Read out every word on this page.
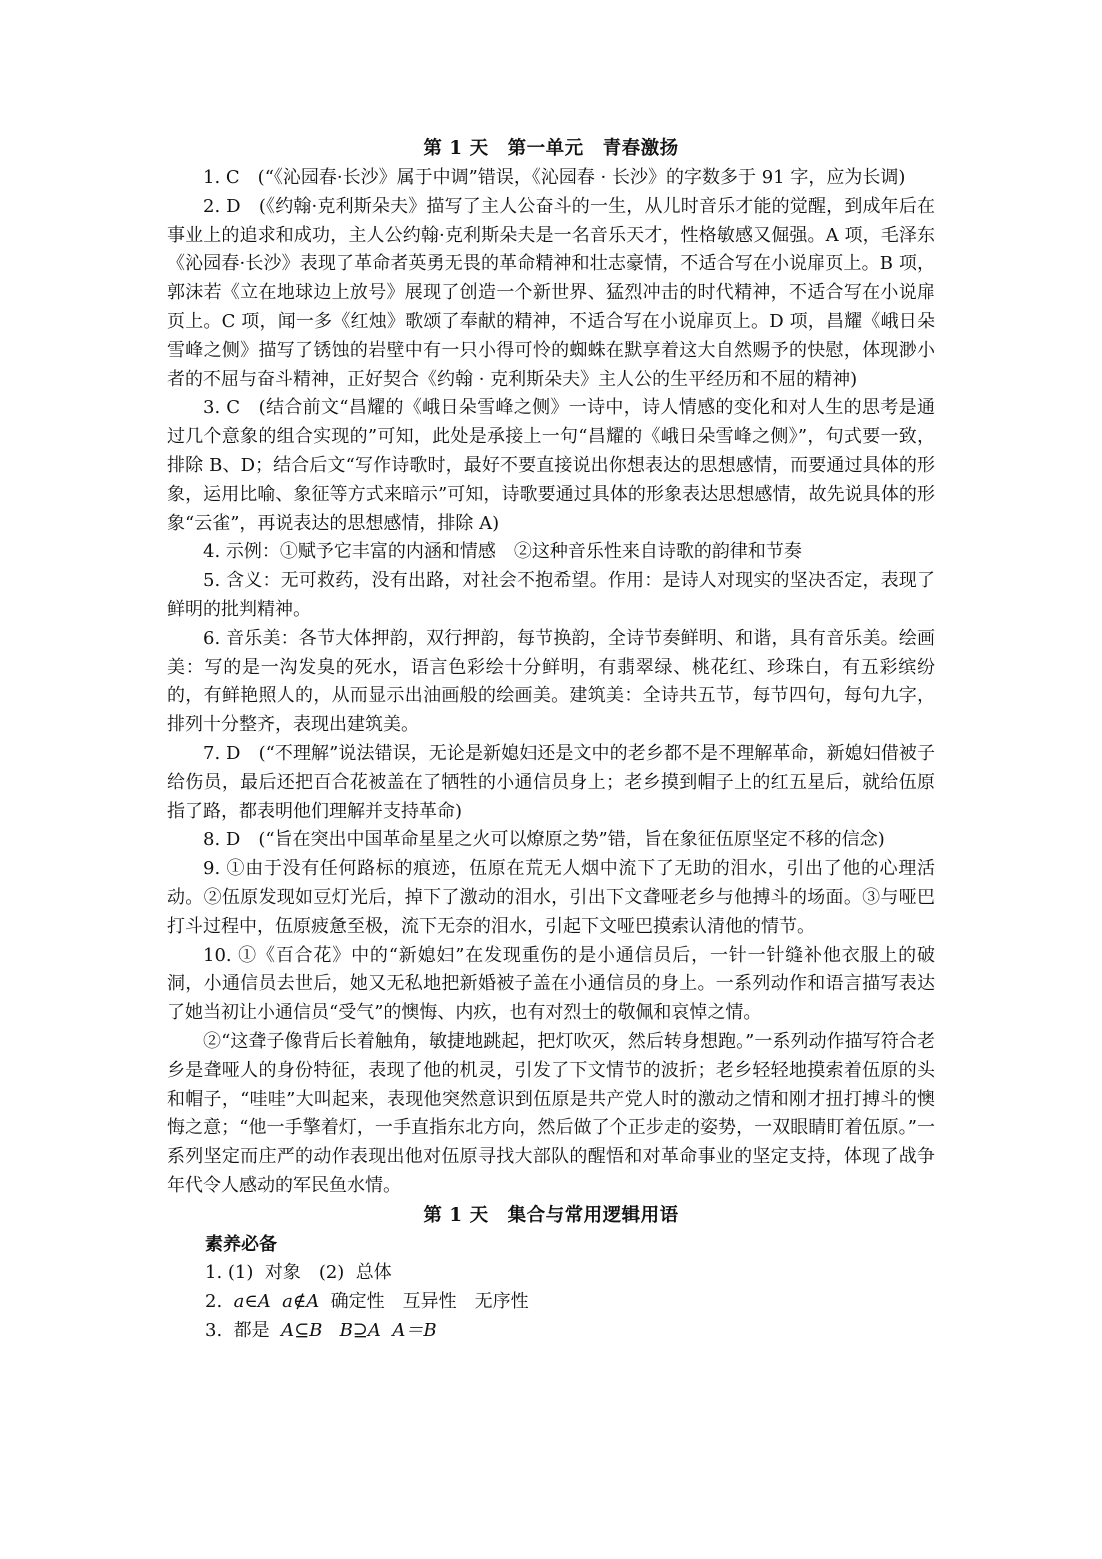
第 1 天　第一单元　青春激扬

1. C　(“《沁园春·长沙》属于中调”错误，《沁园春 · 长沙》的字数多于 91 字，应为长调)

2. D　(《约翰·克利斯朵夫》描写了主人公奋斗的一生，从儿时音乐才能的觉醒，到成年后在事业上的追求和成功，主人公约翰·克利斯朵夫是一名音乐天才，性格敏感又倔强。A 项，毛泽东《沁园春·长沙》表现了革命者英勇无畏的革命精神和壮志豪情，不适合写在小说扉页上。B 项，郭沫若《立在地球边上放号》展现了创造一个新世界、猛烈冲击的时代精神，不适合写在小说扉页上。C 项，闻一多《红烛》歌颂了奉献的精神，不适合写在小说扉页上。D 项，昌耀《峨日朵雪峰之侧》描写了锈蚀的岩壁中有一只小得可怜的蜘蛛在默享着这大自然赐予的快慰，体现渺小者的不屈与奋斗精神，正好契合《约翰 · 克利斯朵夫》主人公的生平经历和不屈的精神)

3. C　(结合前文“昌耀的《峨日朵雪峰之侧》一诗中，诗人情感的变化和对人生的思考是通过几个意象的组合实现的”可知，此处是承接上一句“昌耀的《峨日朵雪峰之侧》”，句式要一致，排除 B、D；结合后文“写作诗歌时，最好不要直接说出你想表达的思想感情，而要通过具体的形象，运用比喻、象征等方式来暗示”可知，诗歌要通过具体的形象表达思想感情，故先说具体的形象“云雀”，再说表达的思想感情，排除 A)

4. 示例：①赋予它丰富的内涵和情感　②这种音乐性来自诗歌的韵律和节奏

5. 含义：无可救药，没有出路，对社会不抱希望。作用：是诗人对现实的坚决否定，表现了鲜明的批判精神。

6. 音乐美：各节大体押韵，双行押韵，每节换韵，全诗节奏鲜明、和谐，具有音乐美。绘画美：写的是一沟发臭的死水，语言色彩绘十分鲜明，有翡翠绿、桃花红、珍珠白，有五彩缤纷的，有鲜艳照人的，从而显示出油画般的绘画美。建筑美：全诗共五节，每节四句，每句九字，排列十分整齐，表现出建筑美。

7. D　(“不理解”说法错误，无论是新媳妇还是文中的老乡都不是不理解革命，新媳妇借被子给伤员，最后还把百合花被盖在了牺牲的小通信员身上；老乡摸到帽子上的红五星后，就给伍原指了路，都表明他们理解并支持革命)

8. D　(“旨在突出中国革命星星之火可以燎原之势”错，旨在象征伍原坚定不移的信念)

9. ①由于没有任何路标的痕迹，伍原在荒无人烟中流下了无助的泪水，引出了他的心理活动。②伍原发现如豆灯光后，掉下了激动的泪水，引出下文聋哑老乡与他搏斗的场面。③与哑巴打斗过程中，伍原疲惫至极，流下无奈的泪水，引起下文哑巴摸索认清他的情节。

10. ①《百合花》中的“新媳妇”在发现重伤的是小通信员后，一针一针缝补他衣服上的破洞，小通信员去世后，她又无私地把新婚被子盖在小通信员的身上。一系列动作和语言描写表达了她当初让小通信员“受气”的懊悔、内疚，也有对烈士的敬佩和哀悼之情。

②“这聋子像背后长着触角，敏捷地跳起，把灯吹灭，然后转身想跑。”一系列动作描写符合老乡是聋哑人的身份特征，表现了他的机灵，引发了下文情节的波折；老乡轻轻地摸索着伍原的头和帽子，“哇哇”大叫起来，表现他突然意识到伍原是共产党人时的激动之情和刚才扭打搏斗的懊悔之意；“他一手擎着灯，一手直指东北方向，然后做了个正步走的姿势，一双眼睛盯着伍原。”一系列坚定而庄严的动作表现出他对伍原寻找大部队的醒悟和对革命事业的坚定支持，体现了战争年代令人感动的军民鱼水情。

第 1 天　集合与常用逻辑用语
素养必备
1. (1)  对象　(2)  总体
2. a∈A a∉A 确定性　互异性　无序性
3. 都是 A⊆B B⊇A A＝B
